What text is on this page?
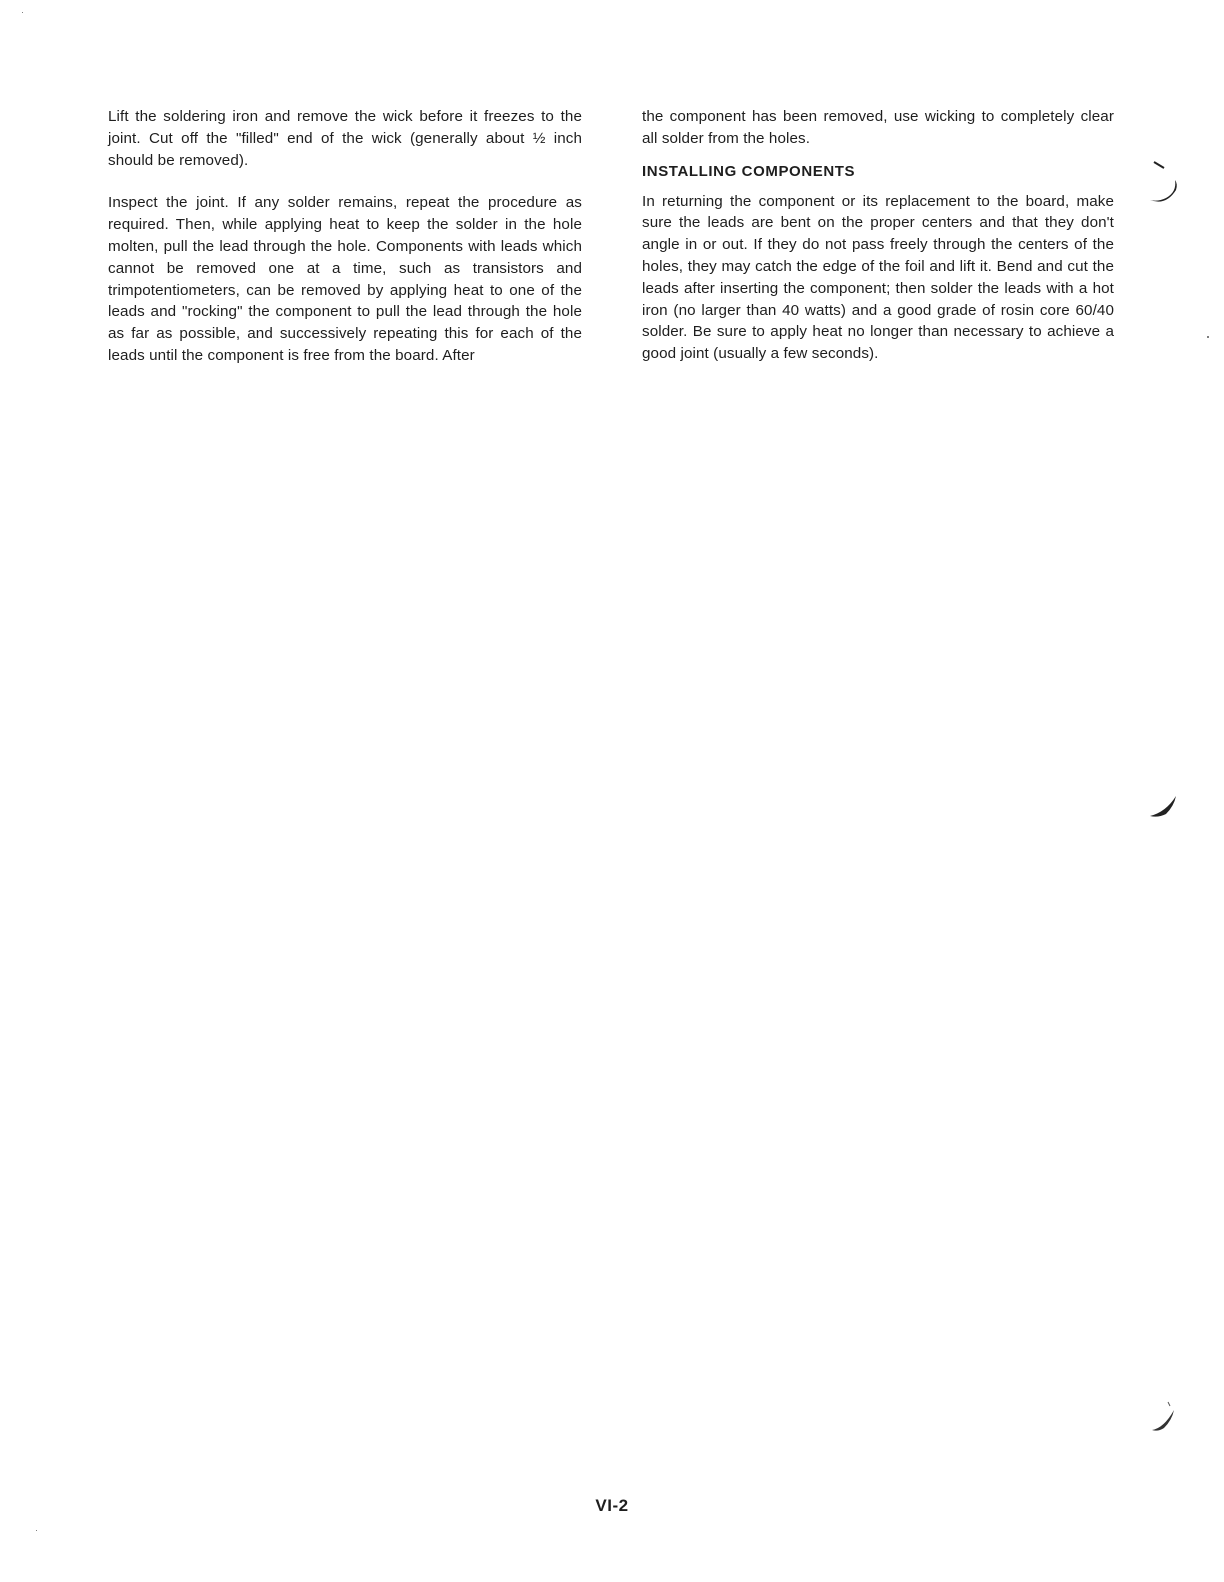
Lift the soldering iron and remove the wick before it freezes to the joint. Cut off the "filled" end of the wick (generally about ½ inch should be removed).

Inspect the joint. If any solder remains, repeat the procedure as required. Then, while applying heat to keep the solder in the hole molten, pull the lead through the hole. Components with leads which cannot be removed one at a time, such as transistors and trimpotentiometers, can be removed by applying heat to one of the leads and "rocking" the component to pull the lead through the hole as far as possible, and successively repeating this for each of the leads until the component is free from the board. After

the component has been removed, use wicking to completely clear all solder from the holes.

INSTALLING COMPONENTS

In returning the component or its replacement to the board, make sure the leads are bent on the proper centers and that they don't angle in or out. If they do not pass freely through the centers of the holes, they may catch the edge of the foil and lift it. Bend and cut the leads after inserting the component; then solder the leads with a hot iron (no larger than 40 watts) and a good grade of rosin core 60/40 solder. Be sure to apply heat no longer than necessary to achieve a good joint (usually a few seconds).

VI-2
